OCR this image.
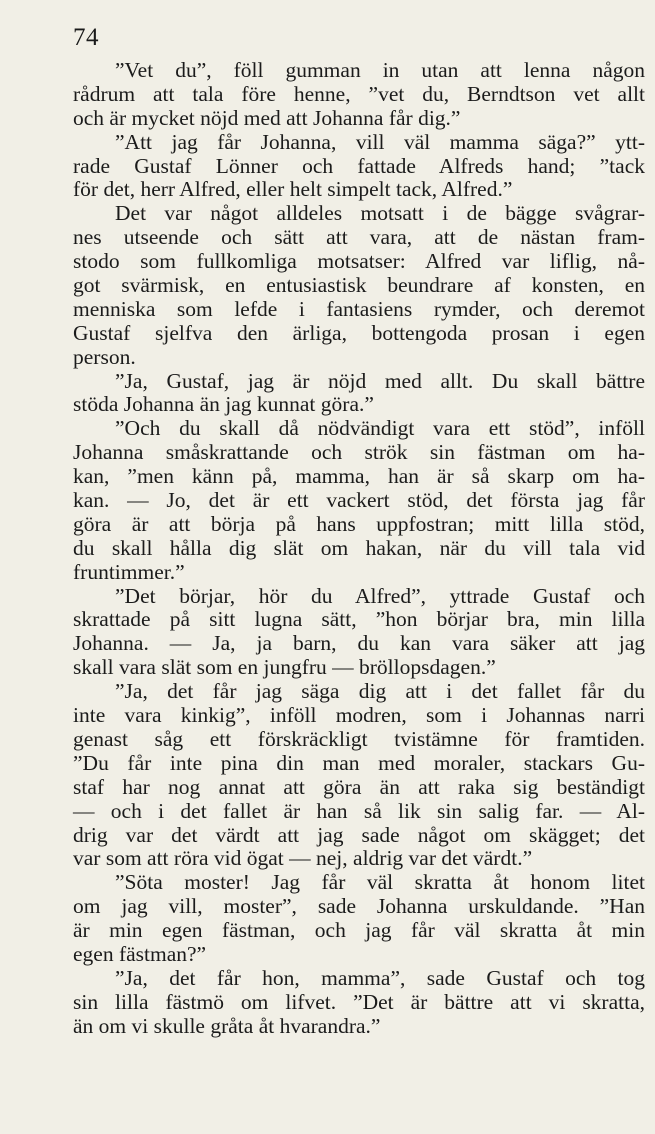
74
”Vet du”, föll gumman in utan att lenna någon
rådrum att tala före henne, ”vet du, Berndtson vet allt
och är mycket nöjd med att Johanna får dig.”
”Att jag får Johanna, vill väl mamma säga?” ytt-
rade Gustaf Lönner och fattade Alfreds hand; ”tack
för det, herr Alfred, eller helt simpelt tack, Alfred.”
Det var något alldeles motsatt i de bägge svågrar-
nes utseende och sätt att vara, att de nästan fram-
stodo som fullkomliga motsatser: Alfred var liflig, nå-
got svärmisk, en entusiastisk beundrare af konsten, en
menniska som lefde i fantasiens rymder, och deremot
Gustaf sjelfva den ärliga, bottengoda prosan i egen
person.
”Ja, Gustaf, jag är nöjd med allt. Du skall bättre
stöda Johanna än jag kunnat göra.”
”Och du skall då nödvändigt vara ett stöd”, inföll
Johanna småskrattande och strök sin fästman om ha-
kan, ”men känn på, mamma, han är så skarp om ha-
kan. — Jo, det är ett vackert stöd, det första jag får
göra är att börja på hans uppfostran; mitt lilla stöd,
du skall hålla dig slät om hakan, när du vill tala vid
fruntimmer.”
”Det börjar, hör du Alfred”, yttrade Gustaf och
skrattade på sitt lugna sätt, ”hon börjar bra, min lilla
Johanna. — Ja, ja barn, du kan vara säker att jag
skall vara slät som en jungfru — bröllopsdagen.”
”Ja, det får jag säga dig att i det fallet får du
inte vara kinkig”, inföll modren, som i Johannas narri
genast såg ett förskräckligt tvistämne för framtiden.
”Du får inte pina din man med moraler, stackars Gu-
staf har nog annat att göra än att raka sig beständigt
— och i det fallet är han så lik sin salig far. — Al-
drig var det värdt att jag sade något om skägget; det
var som att röra vid ögat — nej, aldrig var det värdt.”
”Söta moster! Jag får väl skratta åt honom litet
om jag vill, moster”, sade Johanna urskuldande. ”Han
är min egen fästman, och jag får väl skratta åt min
egen fästman?”
”Ja, det får hon, mamma”, sade Gustaf och tog
sin lilla fästmö om lifvet. ”Det är bättre att vi skratta,
än om vi skulle gråta åt hvarandra.”
